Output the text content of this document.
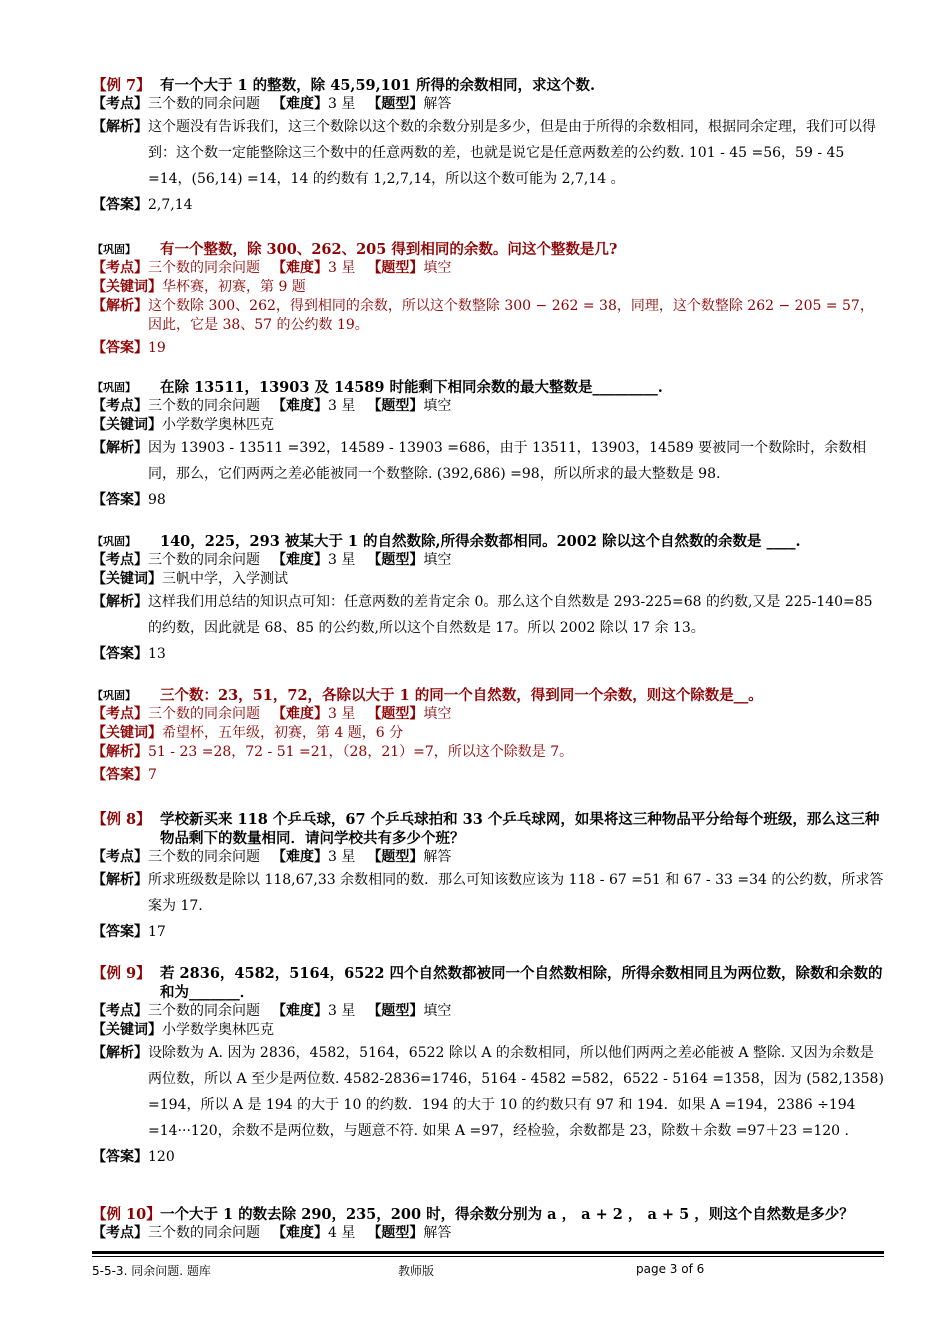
【例 7】 有一个大于 1 的整数，除 45,59,101 所得的余数相同，求这个数.
【考点】 三个数的同余问题 【难度】 3 星 【题型】 解答
【解析】 这个题没有告诉我们，这三个数除以这个数的余数分别是多少，但是由于所得的余数相同，根据同余定理，我们可以得到：这个数一定能整除这三个数中的任意两数的差，也就是说它是任意两数差的公约数. 101 - 45 =56，59 - 45 =14，(56,14) =14，14 的约数有 1,2,7,14，所以这个数可能为 2,7,14 。
【答案】 2,7,14
【巩固】	有一个整数，除 300、262、205 得到相同的余数。问这个整数是几?
【考点】 三个数的同余问题 【难度】 3 星 【题型】 填空
【关键词】 华杯赛，初赛，第 9 题
【解析】 这个数除 300、262，得到相同的余数，所以这个数整除 300 − 262 = 38，同理，这个数整除 262 − 205 = 57，因此，它是 38、57 的公约数 19。
【答案】 19
【巩固】	在除 13511，13903 及 14589 时能剩下相同余数的最大整数是_________.
【考点】 三个数的同余问题 【难度】 3 星 【题型】 填空
【关键词】 小学数学奥林匹克
【解析】 因为 13903 - 13511 =392，14589 - 13903 =686，由于 13511，13903，14589 要被同一个数除时，余数相同，那么，它们两两之差必能被同一个数整除. (392,686) =98，所以所求的最大整数是 98.
【答案】 98
【巩固】	140，225，293 被某大于 1 的自然数除,所得余数都相同。2002 除以这个自然数的余数是 ____.
【考点】 三个数的同余问题 【难度】 3 星 【题型】 填空
【关键词】 三帆中学，入学测试
【解析】 这样我们用总结的知识点可知：任意两数的差肯定余 0。那么这个自然数是 293-225=68 的约数,又是 225-140=85 的约数，因此就是 68、85 的公约数,所以这个自然数是 17。所以 2002 除以 17 余 13。
【答案】 13
【巩固】	三个数：23，51，72，各除以大于 1 的同一个自然数，得到同一个余数，则这个除数是__。
【考点】 三个数的同余问题 【难度】 3 星 【题型】 填空
【关键词】 希望杯，五年级，初赛，第 4 题，6 分
【解析】 51 - 23 =28，72 - 51 =21，（28，21）=7，所以这个除数是 7。
【答案】 7
【例 8】 学校新买来 118 个乒乓球，67 个乒乓球拍和 33 个乒乓球网，如果将这三种物品平分给每个班级，那么这三种物品剩下的数量相同．请问学校共有多少个班？
【考点】 三个数的同余问题 【难度】 3 星 【题型】 解答
【解析】 所求班级数是除以 118,67,33 余数相同的数．那么可知该数应该为 118 - 67 =51 和 67 - 33 =34 的公约数，所求答案为 17.
【答案】 17
【例 9】 若 2836，4582，5164，6522 四个自然数都被同一个自然数相除，所得余数相同且为两位数，除数和余数的和为_______．
【考点】 三个数的同余问题 【难度】 3 星 【题型】 填空
【关键词】 小学数学奥林匹克
【解析】 设除数为 A. 因为 2836，4582，5164，6522 除以 A 的余数相同，所以他们两两之差必能被 A 整除. 又因为余数是两位数，所以 A 至少是两位数. 4582-2836=1746，5164 - 4582 =582，6522 - 5164 =1358，因为 (582,1358) =194，所以 A 是 194 的大于 10 的约数．194 的大于 10 的约数只有 97 和 194．如果 A =194，2386 ÷194 =14···120，余数不是两位数，与题意不符. 如果 A =97，经检验，余数都是 23，除数＋余数 =97＋23 =120 .
【答案】 120
【例 10】 一个大于 1 的数去除 290，235，200 时，得余数分别为 a ， a + 2 ， a + 5 ，则这个自然数是多少？
【考点】 三个数的同余问题 【难度】 4 星 【题型】 解答
5-5-3. 同余问题. 题库	教师版	page 3 of 6
